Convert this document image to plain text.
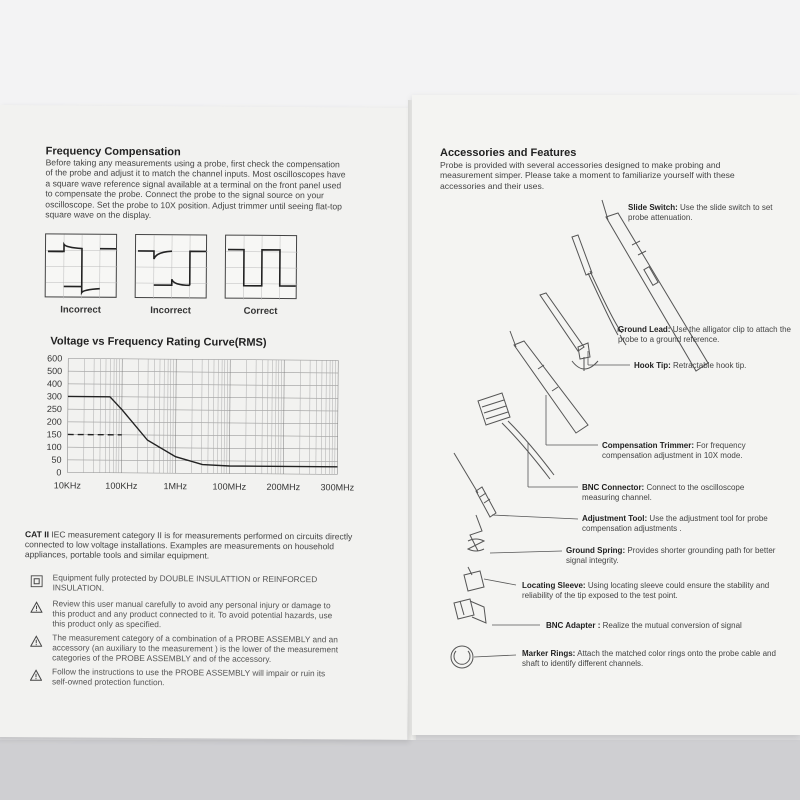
Frequency Compensation
Before taking any measurements using a probe, first check the compensation of the probe and adjust it to match the channel inputs. Most oscilloscopes have a square wave reference signal available at a terminal on the front panel used to compensate the probe. Connect the probe to the signal source on your oscilloscope. Set the probe to 10X position. Adjust trimmer until seeing flat-top square wave on the display.
Incorrect	Incorrect	Correct
Voltage vs Frequency Rating Curve(RMS)
0
50
100
150
200
250
300
400
500
600
10KHz	100KHz	1MHz	100MHz 200MHz 300MHz
CAT II IEC measurement category II is for measurements performed on circuits directly connected to low voltage installations. Examples are measurements on household appliances, portable tools and similar equipment.
Equipment fully protected by DOUBLE INSULATTION or REINFORCED INSULATION.
Review this user manual carefully to avoid any personal injury or damage to this product and any product connected to it. To avoid potential hazards, use this product only as specified.
The measurement category of a combination of a PROBE ASSEMBLY and an accessory (an auxiliary to the measurement ) is the lower of the measurement categories of the PROBE ASSEMBLY and of the accessory.
Follow the instructions to use the PROBE ASSEMBLY will impair or ruin its self-owned protection function.
Accessories and Features
Probe is provided with several accessories designed to make probing and measurement simper. Please take a moment to familiarize yourself with these accessories and their uses.
Slide Switch: Use the slide switch to set probe attenuation.
Ground Lead: Use the alligator clip to attach the probe to a ground reference.
Hook Tip: Retractable hook tip.
Compensation Trimmer: For frequency compensation adjustment in 10X mode.
BNC Connector: Connect to the oscilloscope measuring channel.
Adjustment Tool: Use the adjustment tool for probe compensation adjustments .
Ground Spring: Provides shorter grounding path for better signal integrity.
Locating Sleeve: Using locating sleeve could ensure the stability and reliability of the tip exposed to the test point.
BNC Adapter : Realize the mutual conversion of signal
Marker Rings: Attach the matched color rings onto the probe cable and shaft to identify different channels.
